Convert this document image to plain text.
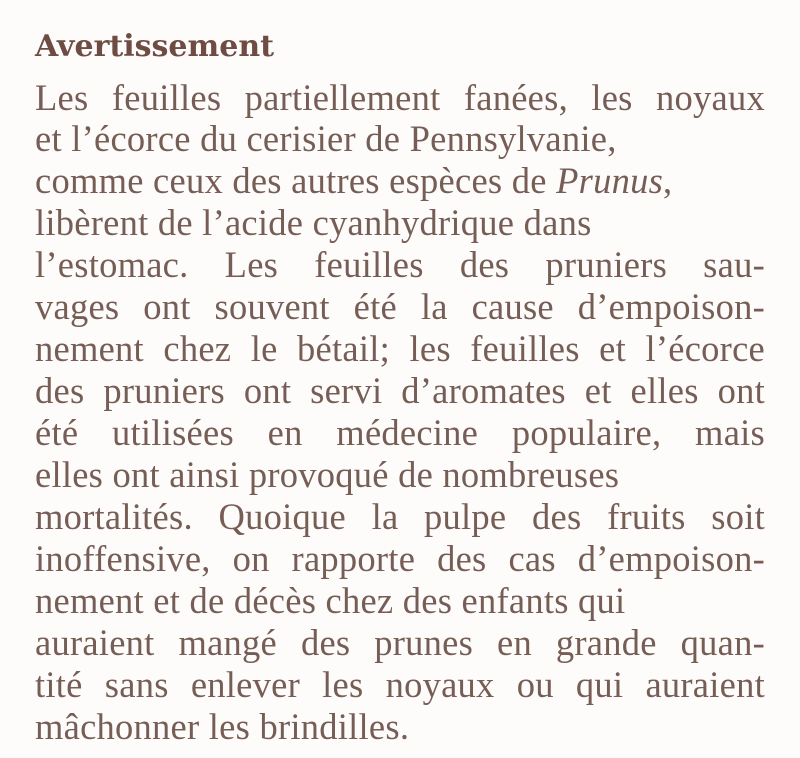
Avertissement

Les feuilles partiellement fanées, les noyaux

et l’écorce du cerisier de Pennsylvanie,

comme ceux des autres espèces de Prunus,

libèrent de l’acide cyanhydrique dans

l’estomac. Les feuilles des pruniers sau-

vages ont souvent été la cause d’empoison-

nement chez le bétail; les feuilles et l’écorce

des pruniers ont servi d’aromates et elles ont

été utilisées en médecine populaire, mais

elles ont ainsi provoqué de nombreuses

mortalités. Quoique la pulpe des fruits soit

inoffensive, on rapporte des cas d’empoison-

nement et de décès chez des enfants qui

auraient mangé des prunes en grande quan-

tité sans enlever les noyaux ou qui auraient

mâchonner les brindilles.
